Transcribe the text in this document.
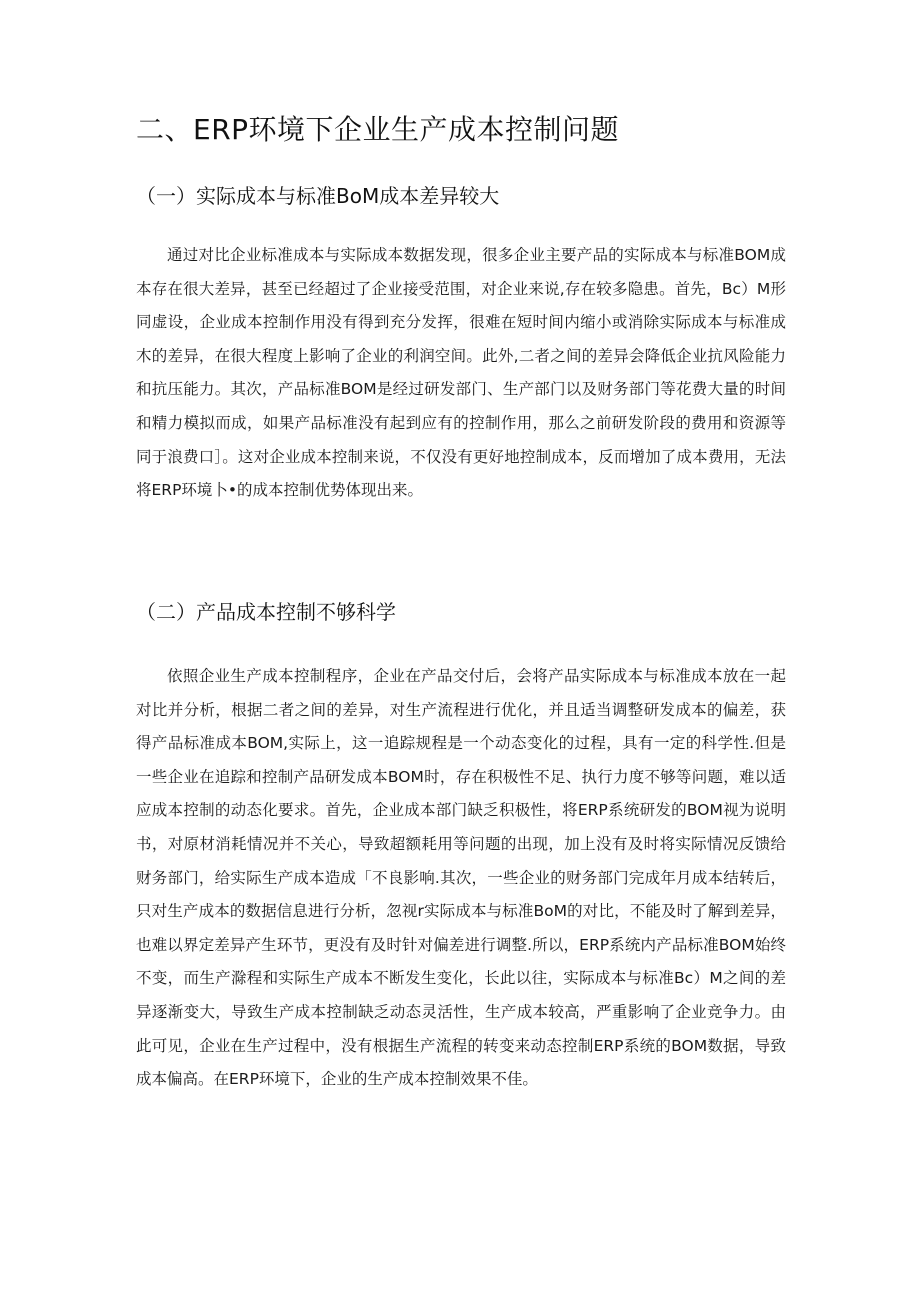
二、ERP环境下企业生产成本控制问题
（一）实际成本与标准BoM成本差异较大

通过对比企业标准成本与实际成本数据发现，很多企业主要产品的实际成本与标准BOM成本存在很大差异，甚至已经超过了企业接受范围，对企业来说,存在较多隐患。首先，Bc）M形同虚设，企业成本控制作用没有得到充分发挥，很难在短时间内缩小或消除实际成本与标准成木的差异，在很大程度上影响了企业的利润空间。此外,二者之间的差异会降低企业抗风险能力和抗压能力。其次，产品标准BOM是经过研发部门、生产部门以及财务部门等花费大量的时间和精力模拟而成，如果产品标准没有起到应有的控制作用，那么之前研发阶段的费用和资源等同于浪费口］。这对企业成本控制来说，不仅没有更好地控制成本，反而增加了成本费用，无法将ERP环境卜•的成本控制优势体现出来。

（二）产品成本控制不够科学

依照企业生产成本控制程序，企业在产品交付后，会将产品实际成本与标准成本放在一起对比并分析，根据二者之间的差异，对生产流程进行优化，并且适当调整研发成本的偏差，获得产品标准成本BOM,实际上，这一追踪规程是一个动态变化的过程，具有一定的科学性.但是一些企业在追踪和控制产品研发成本BOM时，存在积极性不足、执行力度不够等问题，难以适应成本控制的动态化要求。首先，企业成本部门缺乏积极性，将ERP系统研发的BOM视为说明书，对原材消耗情况并不关心，导致超额耗用等问题的出现，加上没有及时将实际情况反馈给财务部门，给实际生产成本造成「不良影响.其次，一些企业的财务部门完成年月成本结转后，只对生产成本的数据信息进行分析，忽视r实际成本与标准BoM的对比，不能及时了解到差异，也难以界定差异产生环节，更没有及时针对偏差进行调整.所以，ERP系统内产品标准BOM始终不变，而生产滁程和实际生产成本不断发生变化，长此以往，实际成本与标准Bc）M之间的差异逐渐变大，导致生产成本控制缺乏动态灵活性，生产成本较高，严重影响了企业竞争力。由此可见，企业在生产过程中，没有根据生产流程的转变来动态控制ERP系统的BOM数据，导致成本偏高。在ERP环境下，企业的生产成本控制效果不佳。
